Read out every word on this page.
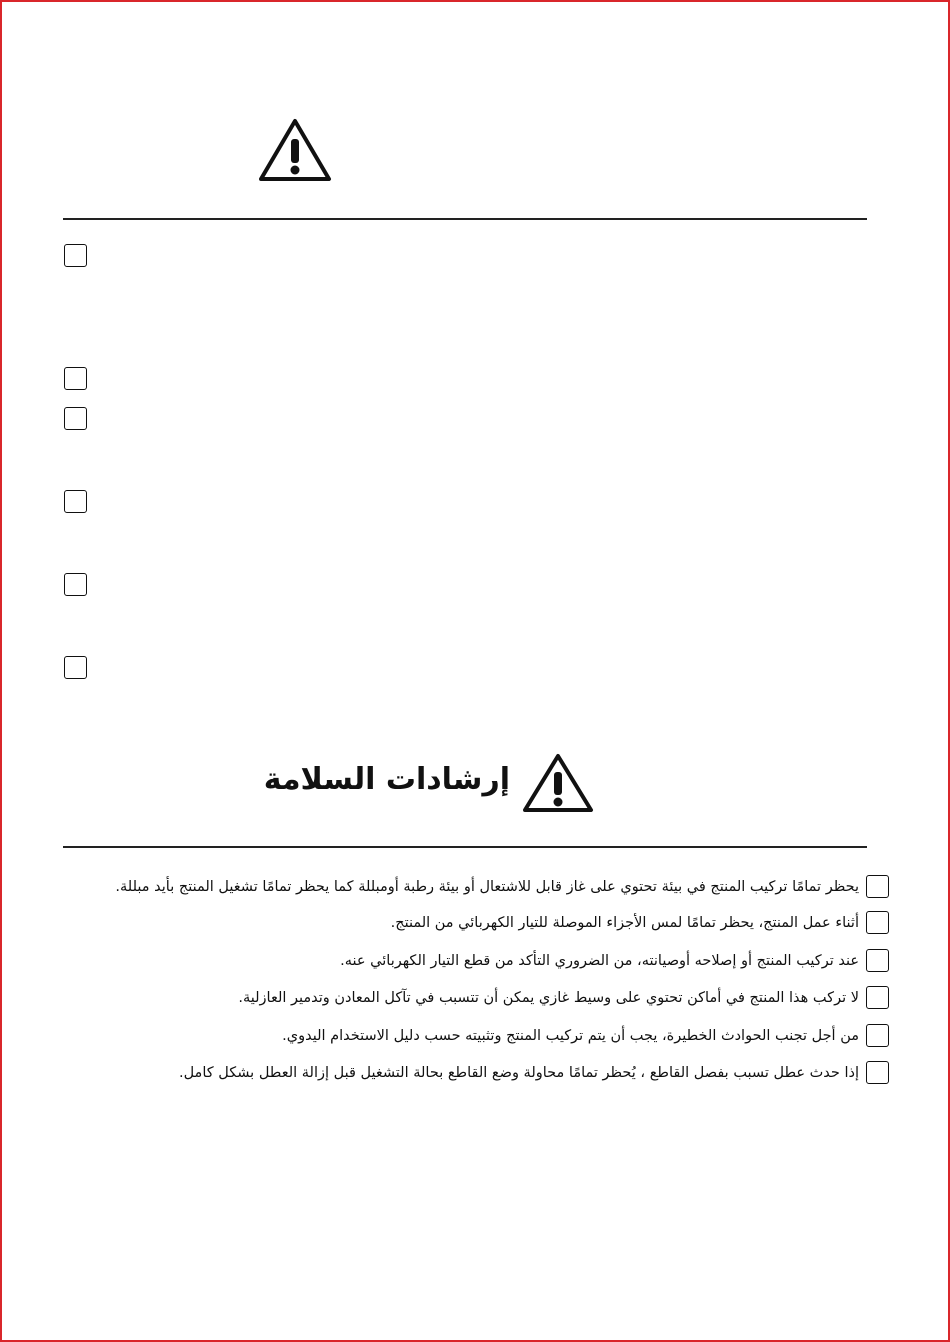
إرشادات السلامة
يحظر تمامًا تركيب المنتج في بيئة تحتوي على غاز قابل للاشتعال أو بيئة رطبة أومبللة كما يحظر تمامًا تشغيل المنتج بأيد مبللة.
أثناء عمل المنتج، يحظر تمامًا لمس الأجزاء الموصلة للتيار الكهربائي من المنتج.
عند تركيب المنتج أو إصلاحه أوصيانته، من الضروري التأكد من قطع التيار الكهربائي عنه.
لا تركب هذا المنتج في أماكن تحتوي على وسيط غازي يمكن أن تتسبب في تآكل المعادن وتدمير العازلية.
من أجل تجنب الحوادث الخطيرة، يجب أن يتم تركيب المنتج وتثبيته حسب دليل الاستخدام اليدوي.
إذا حدث عطل تسبب بفصل القاطع ، يُحظر تمامًا محاولة وضع القاطع بحالة التشغيل قبل إزالة العطل بشكل كامل.
